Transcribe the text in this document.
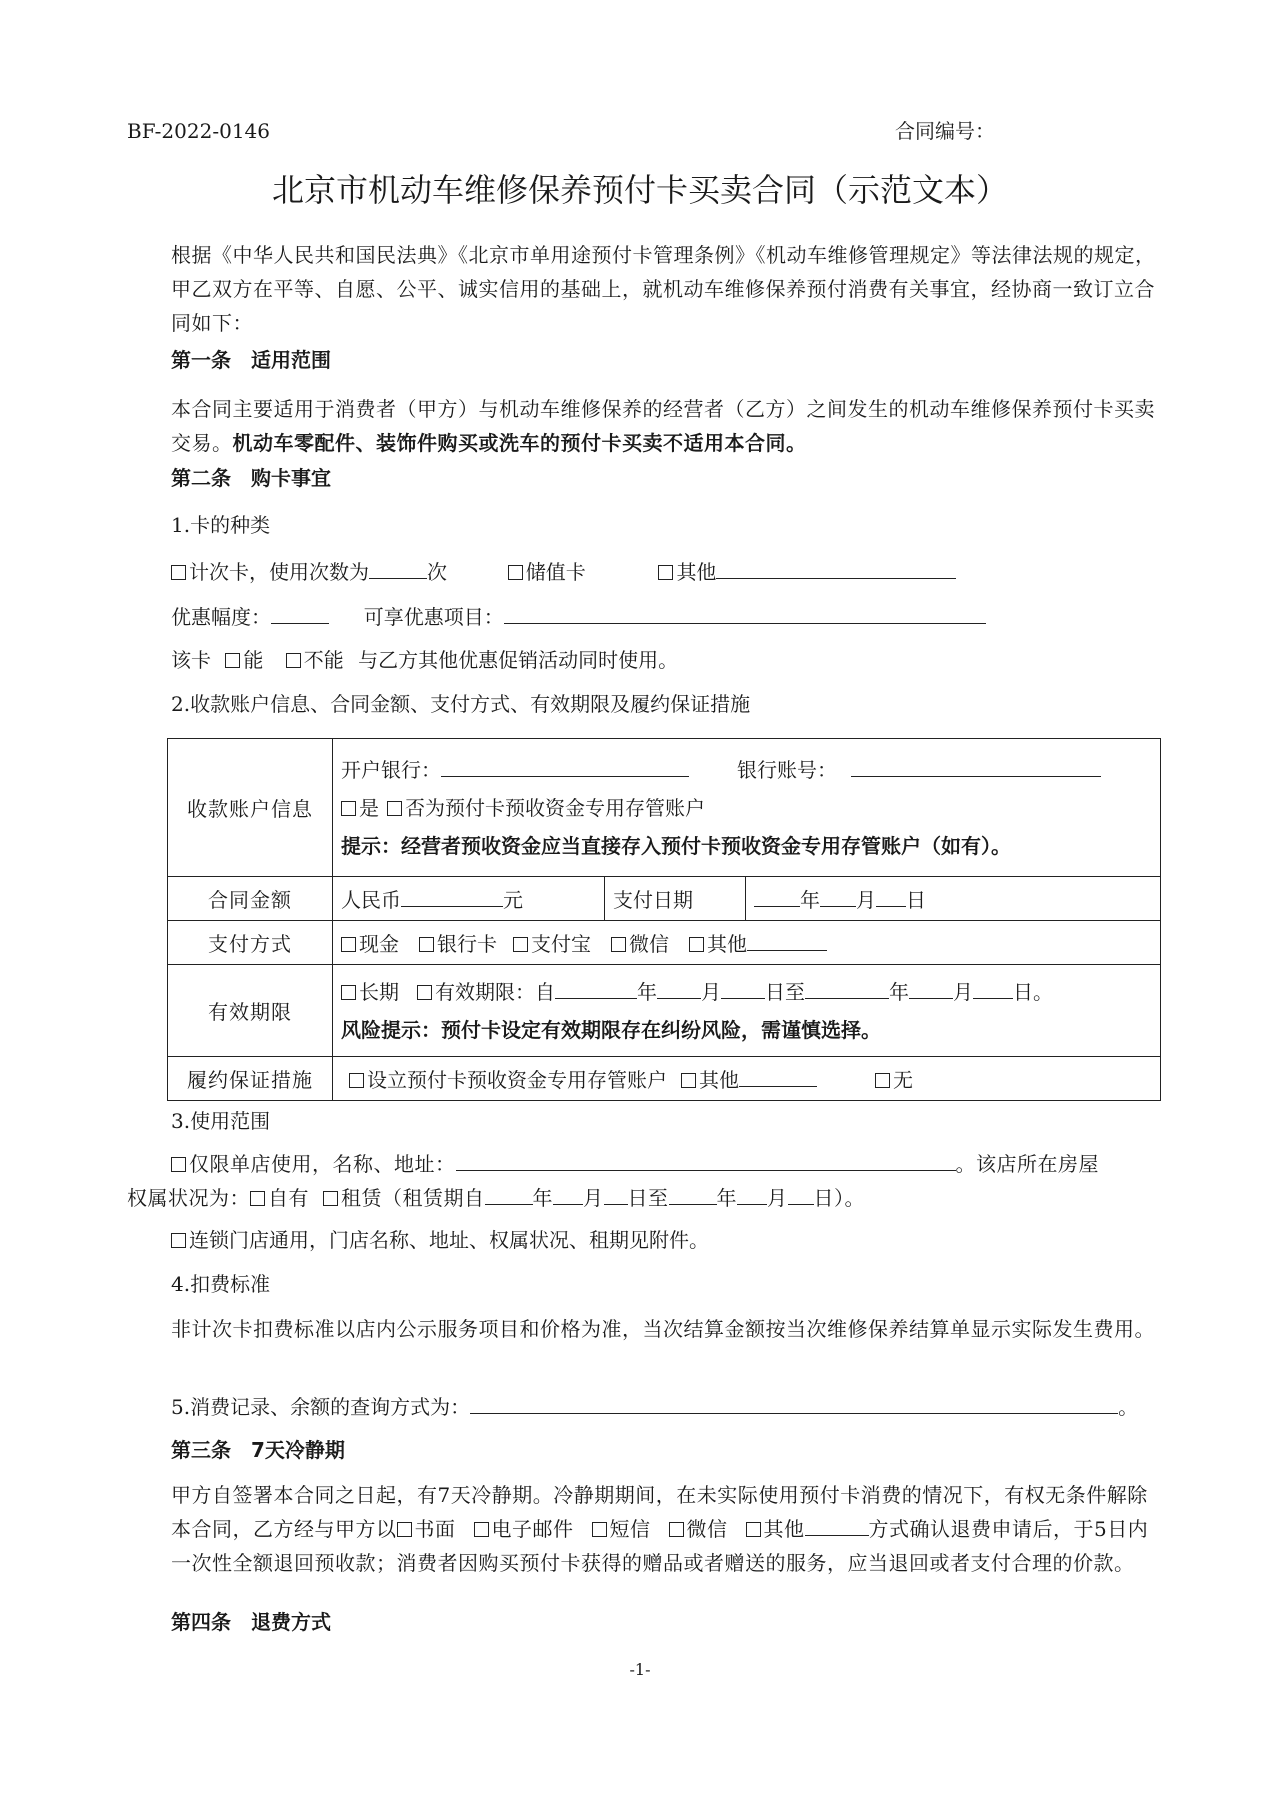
BF-2022-0146	合同编号：
北京市机动车维修保养预付卡买卖合同（示范文本）
根据《中华人民共和国民法典》《北京市单用途预付卡管理条例》《机动车维修管理规定》等法律法规的规定，甲乙双方在平等、自愿、公平、诚实信用的基础上，就机动车维修保养预付消费有关事宜，经协商一致订立合同如下：
第一条　适用范围
本合同主要适用于消费者（甲方）与机动车维修保养的经营者（乙方）之间发生的机动车维修保养预付卡买卖交易。机动车零配件、装饰件购买或洗车的预付卡买卖不适用本合同。
第二条　购卡事宜
1.卡的种类
计次卡，使用次数为	次	储值卡	其他
优惠幅度：	可享优惠项目：
该卡 能 不能 与乙方其他优惠促销活动同时使用。
2.收款账户信息、合同金额、支付方式、有效期限及履约保证措施
收款账户信息	开户银行： 银行账号：
是 否为预付卡预收资金专用存管账户
提示：经营者预收资金应当直接存入预付卡预收资金专用存管账户（如有）。		

合同金额	人民币 元	支付日期	年 月 日
支付方式	现金 银行卡 支付宝 微信 其他		
有效期限	长期 有效期限：自 年 月 日至 年 月 日。
风险提示：预付卡设定有效期限存在纠纷风险，需谨慎选择。		

履约保证措施	设立预付卡预收资金专用存管账户 其他 无		
3.使用范围
仅限单店使用，名称、地址：	。该店所在房屋
权属状况为： 自有 租赁（租赁期自 年 月 日至 年 月 日）。
连锁门店通用，门店名称、地址、权属状况、租期见附件。
4.扣费标准
非计次卡扣费标准以店内公示服务项目和价格为准，当次结算金额按当次维修保养结算单显示实际发生费用。
5.消费记录、余额的查询方式为：	。
第三条　7天冷静期
甲方自签署本合同之日起，有7天冷静期。冷静期期间，在未实际使用预付卡消费的情况下，有权无条件解除本合同，乙方经与甲方以 书面 电子邮件 短信 微信 其他	方式确认退费申请后，于5日内一次性全额退回预收款；消费者因购买预付卡获得的赠品或者赠送的服务，应当退回或者支付合理的价款。
第四条　退费方式
-1-
